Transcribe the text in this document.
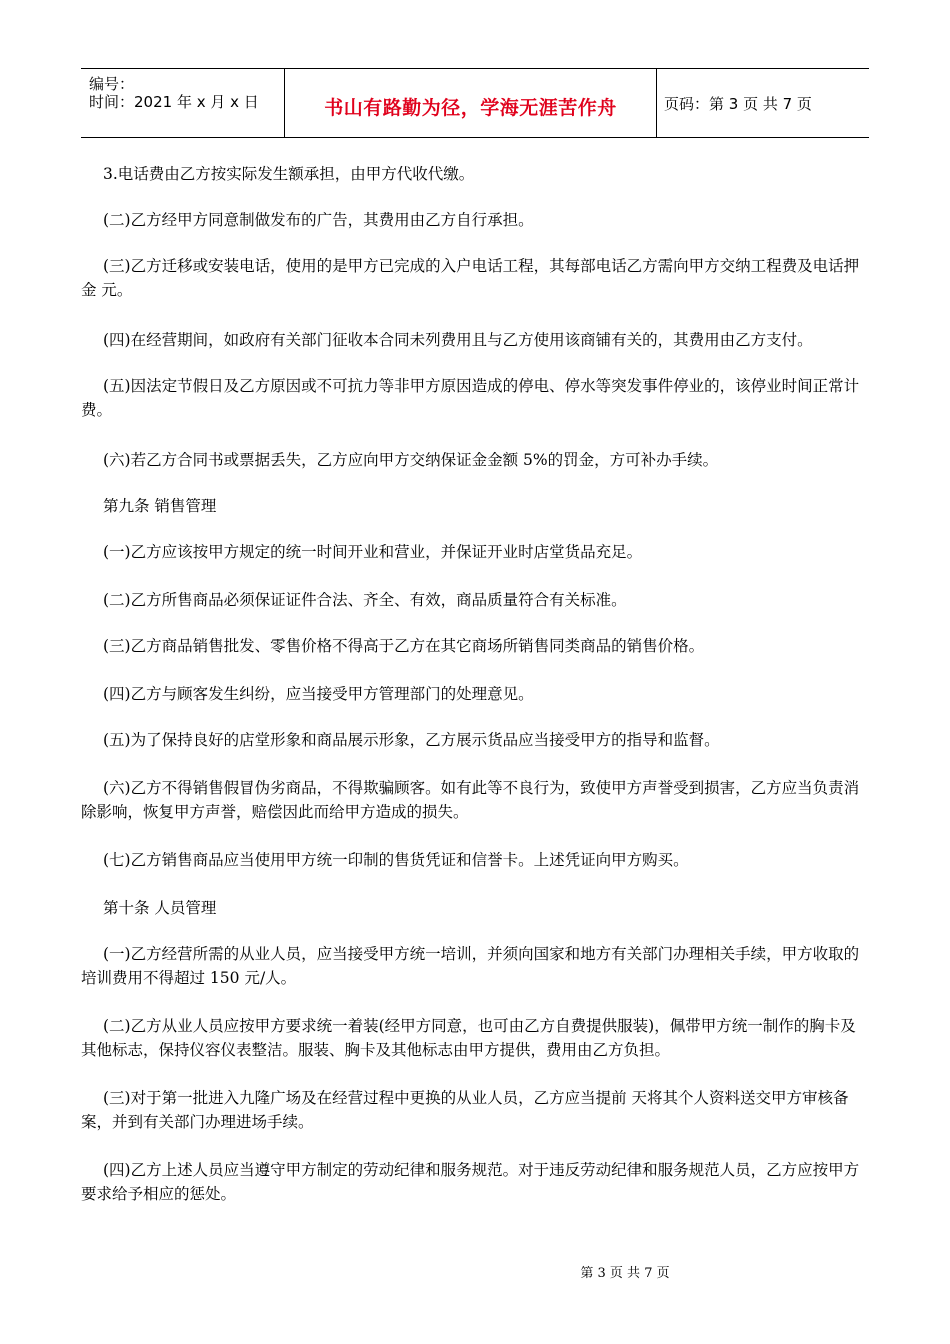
编号：
时间：2021 年 x 月 x 日	书山有路勤为径，学海无涯苦作舟	页码：第 3 页 共 7 页

3.电话费由乙方按实际发生额承担，由甲方代收代缴。

(二)乙方经甲方同意制做发布的广告，其费用由乙方自行承担。

(三)乙方迁移或安装电话，使用的是甲方已完成的入户电话工程，其每部电话乙方需向甲方交纳工程费及电话押金 元。

(四)在经营期间，如政府有关部门征收本合同未列费用且与乙方使用该商铺有关的，其费用由乙方支付。

(五)因法定节假日及乙方原因或不可抗力等非甲方原因造成的停电、停水等突发事件停业的，该停业时间正常计费。

(六)若乙方合同书或票据丢失，乙方应向甲方交纳保证金金额 5%的罚金，方可补办手续。

第九条 销售管理

(一)乙方应该按甲方规定的统一时间开业和营业，并保证开业时店堂货品充足。

(二)乙方所售商品必须保证证件合法、齐全、有效，商品质量符合有关标准。

(三)乙方商品销售批发、零售价格不得高于乙方在其它商场所销售同类商品的销售价格。

(四)乙方与顾客发生纠纷，应当接受甲方管理部门的处理意见。

(五)为了保持良好的店堂形象和商品展示形象，乙方展示货品应当接受甲方的指导和监督。

(六)乙方不得销售假冒伪劣商品，不得欺骗顾客。如有此等不良行为，致使甲方声誉受到损害，乙方应当负责消除影响，恢复甲方声誉，赔偿因此而给甲方造成的损失。

(七)乙方销售商品应当使用甲方统一印制的售货凭证和信誉卡。上述凭证向甲方购买。

第十条 人员管理

(一)乙方经营所需的从业人员，应当接受甲方统一培训，并须向国家和地方有关部门办理相关手续，甲方收取的培训费用不得超过 150 元/人。

(二)乙方从业人员应按甲方要求统一着装(经甲方同意，也可由乙方自费提供服装)，佩带甲方统一制作的胸卡及其他标志，保持仪容仪表整洁。服装、胸卡及其他标志由甲方提供，费用由乙方负担。

(三)对于第一批进入九隆广场及在经营过程中更换的从业人员，乙方应当提前 天将其个人资料送交甲方审核备案，并到有关部门办理进场手续。

(四)乙方上述人员应当遵守甲方制定的劳动纪律和服务规范。对于违反劳动纪律和服务规范人员，乙方应按甲方要求给予相应的惩处。

第 3 页 共 7 页
